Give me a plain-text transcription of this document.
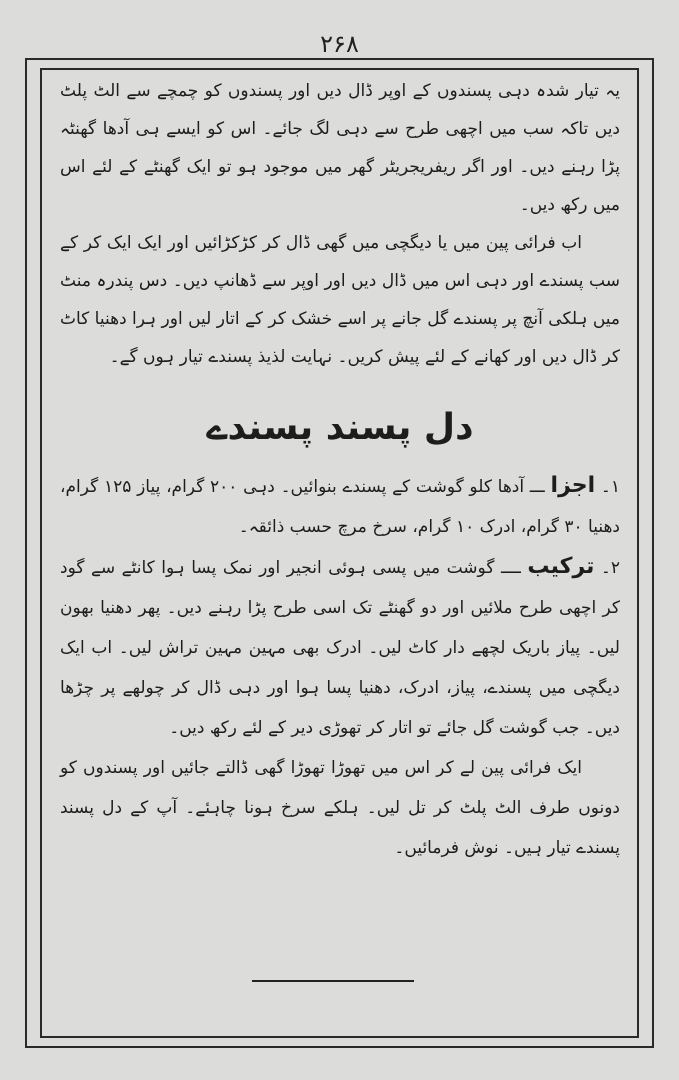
۲۶۸

یہ تیار شدہ دہی پسندوں کے اوپر ڈال دیں اور پسندوں کو چمچے سے الٹ پلٹ دیں تاکہ سب میں اچھی طرح سے دہی لگ جائے۔ اس کو ایسے ہی آدھا گھنٹہ پڑا رہنے دیں۔ اور اگر ریفریجریٹر گھر میں موجود ہو تو ایک گھنٹے کے لئے اس میں رکھ دیں۔

اب فرائی پین میں یا دیگچی میں گھی ڈال کر کڑکڑائیں اور ایک ایک کر کے سب پسندے اور دہی اس میں ڈال دیں اور اوپر سے ڈھانپ دیں۔ دس پندرہ منٹ میں ہلکی آنچ پر پسندے گل جانے پر اسے خشک کر کے اتار لیں اور ہرا دھنیا کاٹ کر ڈال دیں اور کھانے کے لئے پیش کریں۔ نہایت لذیذ پسندے تیار ہوں گے۔

دل پسند پسندے

۱۔ اجزا ـــ آدھا کلو گوشت کے پسندے بنوائیں۔ دہی ۲۰۰ گرام، پیاز ۱۲۵ گرام، دھنیا ۳۰ گرام، ادرک ۱۰ گرام، سرخ مرچ حسب ذائقہ۔

۲۔ ترکیب ــــ گوشت میں پسی ہوئی انجیر اور نمک پسا ہوا کانٹے سے گود کر اچھی طرح ملائیں اور دو گھنٹے تک اسی طرح پڑا رہنے دیں۔ پھر دھنیا بھون لیں۔ پیاز باریک لچھے دار کاٹ لیں۔ ادرک بھی مہین مہین تراش لیں۔ اب ایک دیگچی میں پسندے، پیاز، ادرک، دھنیا پسا ہوا اور دہی ڈال کر چولھے پر چڑھا دیں۔ جب گوشت گل جائے تو اتار کر تھوڑی دیر کے لئے رکھ دیں۔

ایک فرائی پین لے کر اس میں تھوڑا تھوڑا گھی ڈالتے جائیں اور پسندوں کو دونوں طرف الٹ پلٹ کر تل لیں۔ ہلکے سرخ ہونا چاہئے۔ آپ کے دل پسند پسندے تیار ہیں۔ نوش فرمائیں۔
